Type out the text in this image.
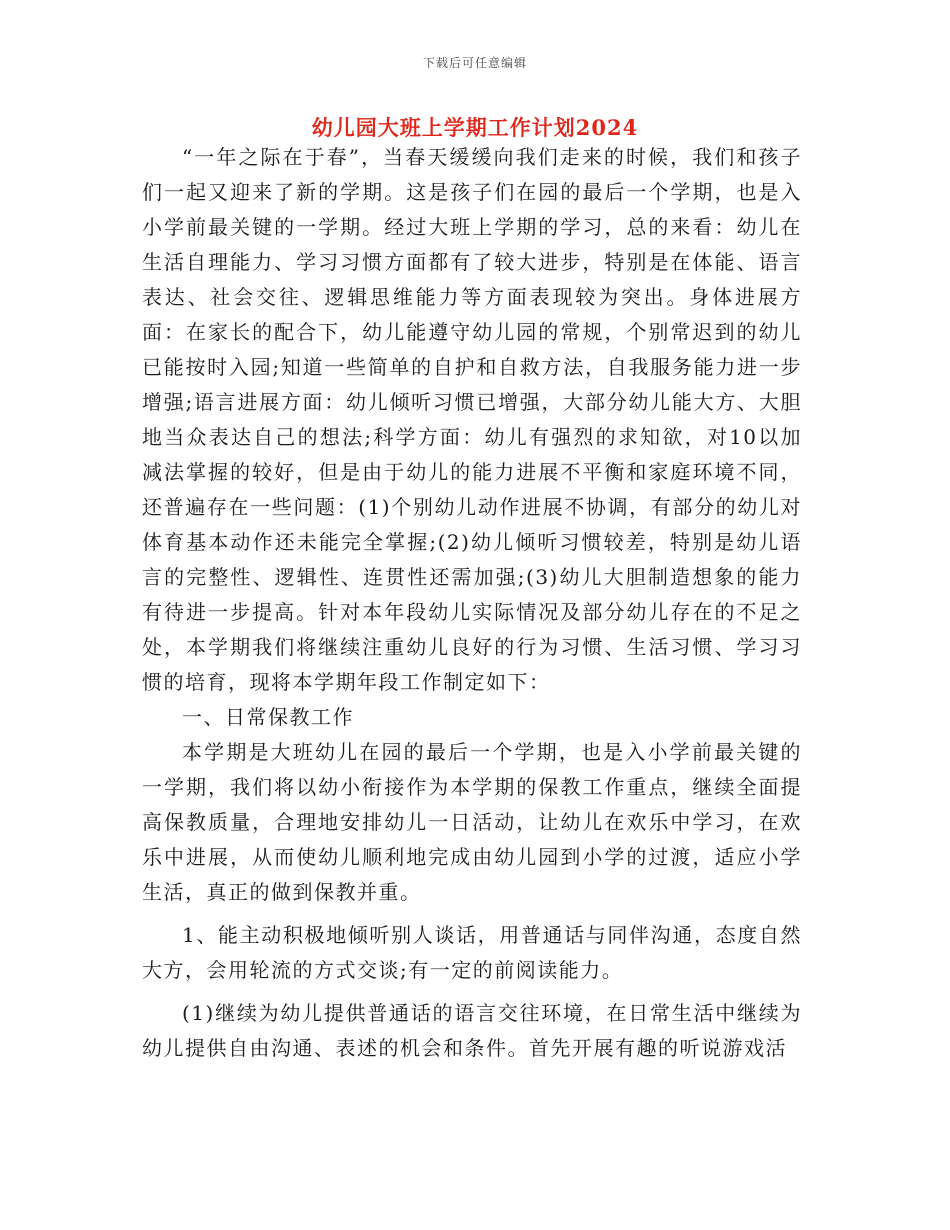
下载后可任意编辑
幼儿园大班上学期工作计划2024

“一年之际在于春”，当春天缓缓向我们走来的时候，我们和孩子们一起又迎来了新的学期。这是孩子们在园的最后一个学期，也是入小学前最关键的一学期。经过大班上学期的学习，总的来看：幼儿在生活自理能力、学习习惯方面都有了较大进步，特别是在体能、语言表达、社会交往、逻辑思维能力等方面表现较为突出。身体进展方面：在家长的配合下，幼儿能遵守幼儿园的常规，个别常迟到的幼儿已能按时入园;知道一些简单的自护和自救方法，自我服务能力进一步增强;语言进展方面：幼儿倾听习惯已增强，大部分幼儿能大方、大胆地当众表达自己的想法;科学方面：幼儿有强烈的求知欲，对10以加减法掌握的较好，但是由于幼儿的能力进展不平衡和家庭环境不同，还普遍存在一些问题：(1)个别幼儿动作进展不协调，有部分的幼儿对体育基本动作还未能完全掌握;(2)幼儿倾听习惯较差，特别是幼儿语言的完整性、逻辑性、连贯性还需加强;(3)幼儿大胆制造想象的能力有待进一步提高。针对本年段幼儿实际情况及部分幼儿存在的不足之处，本学期我们将继续注重幼儿良好的行为习惯、生活习惯、学习习惯的培育，现将本学期年段工作制定如下：

一、日常保教工作

本学期是大班幼儿在园的最后一个学期，也是入小学前最关键的一学期，我们将以幼小衔接作为本学期的保教工作重点，继续全面提高保教质量，合理地安排幼儿一日活动，让幼儿在欢乐中学习，在欢乐中进展，从而使幼儿顺利地完成由幼儿园到小学的过渡，适应小学生活，真正的做到保教并重。

1、能主动积极地倾听别人谈话，用普通话与同伴沟通，态度自然大方，会用轮流的方式交谈;有一定的前阅读能力。

(1)继续为幼儿提供普通话的语言交往环境，在日常生活中继续为幼儿提供自由沟通、表述的机会和条件。首先开展有趣的听说游戏活
